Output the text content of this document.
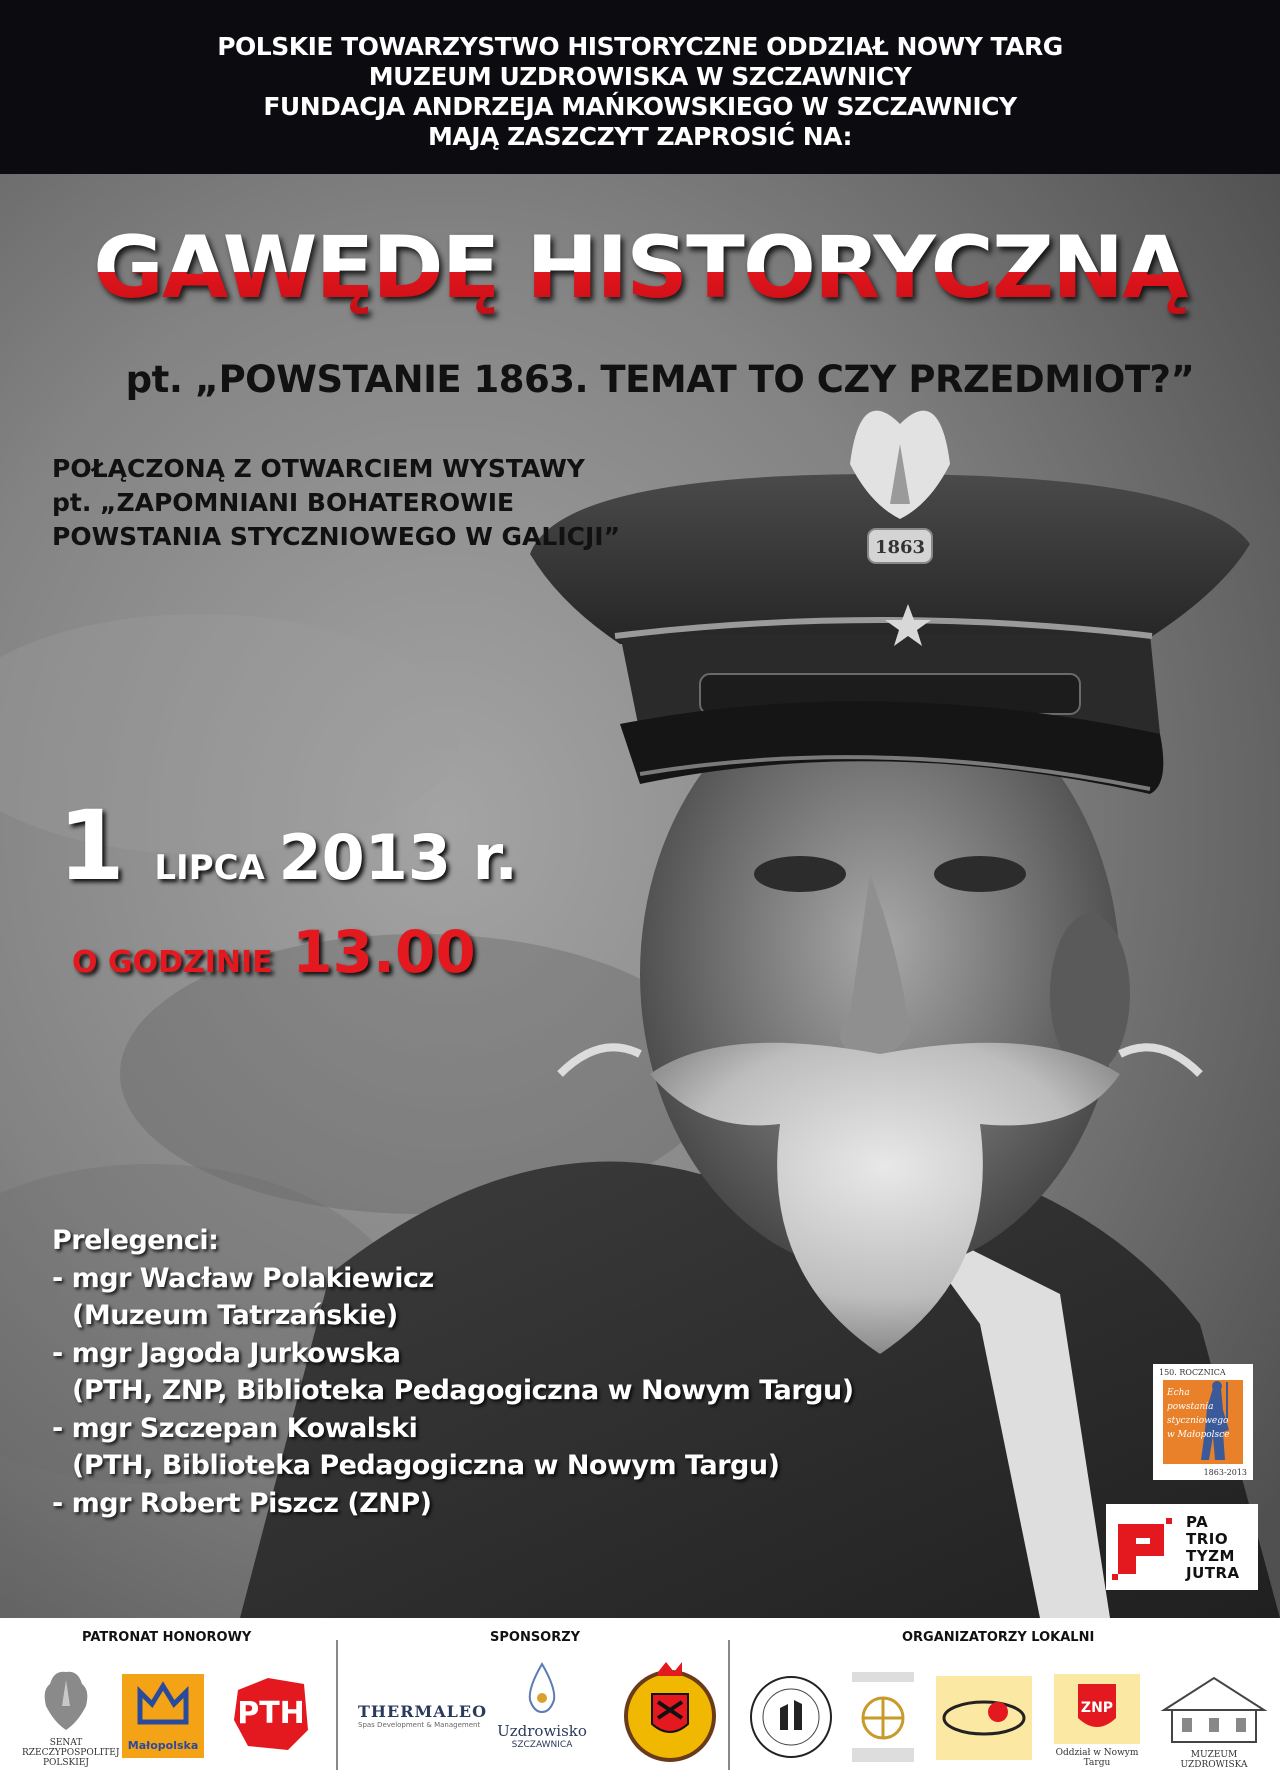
1863
POLSKIE TOWARZYSTWO HISTORYCZNE ODDZIAŁ NOWY TARG
MUZEUM UZDROWISKA W SZCZAWNICY
FUNDACJA ANDRZEJA MAŃKOWSKIEGO W SZCZAWNICY
MAJĄ ZASZCZYT ZAPROSIĆ NA:
GAWĘDĘ HISTORYCZNĄ
pt. „POWSTANIE 1863. TEMAT TO CZY PRZEDMIOT?”
POŁĄCZONĄ Z OTWARCIEM WYSTAWY
pt. „ZAPOMNIANI BOHATEROWIE
POWSTANIA STYCZNIOWEGO W GALICJI”
1 LIPCA 2013 r.
O GODZINIE 13.00
Prelegenci:
- mgr Wacław Polakiewicz
(Muzeum Tatrzańskie)
- mgr Jagoda Jurkowska
(PTH, ZNP, Biblioteka Pedagogiczna w Nowym Targu)
- mgr Szczepan Kowalski
(PTH, Biblioteka Pedagogiczna w Nowym Targu)
- mgr Robert Piszcz (ZNP)
150. ROCZNICA
Echa
powstania
styczniowego
w Małopolsce
1863-2013
PA
TRIO
TYZM
JUTRA
PATRONAT HONOROWY	SPONSORZY	ORGANIZATORZY LOKALNI
SENAT RZECZYPOSPOLITEJ POLSKIEJ
Małopolska
PTH	THERMALEO
Spas Development & Management	Uzdrowisko
SZCZAWNICA
ZNP
Oddział w Nowym Targu
MUZEUM UZDROWISKA
